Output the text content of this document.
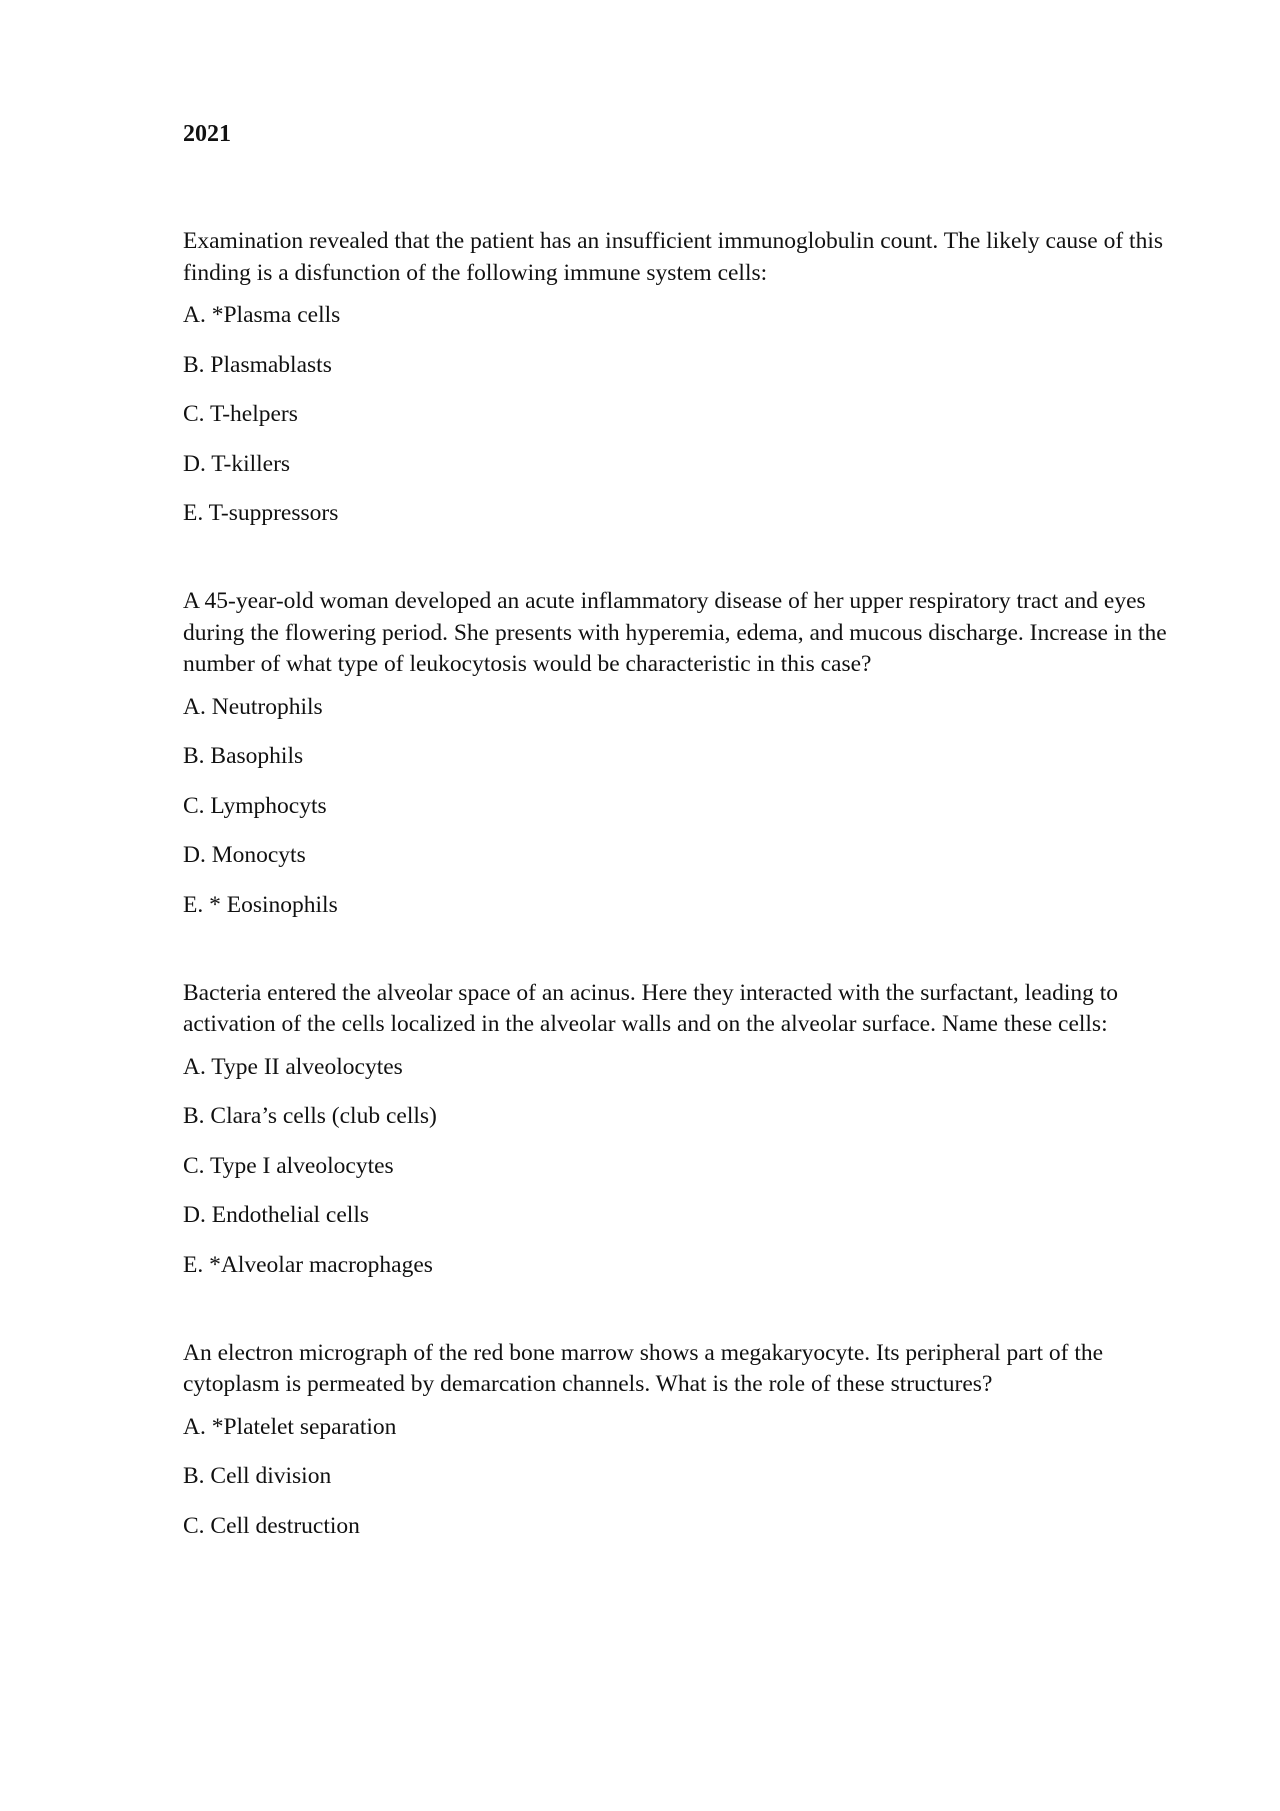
2021
Examination revealed that the patient has an insufficient immunoglobulin count. The likely cause of this finding is a disfunction of the following immune system cells:
A. *Plasma cells
B. Plasmablasts
C. T-helpers
D. T-killers
E. T-suppressors
A 45-year-old woman developed an acute inflammatory disease of her upper respiratory tract and eyes during the flowering period. She presents with hyperemia, edema, and mucous discharge. Increase in the number of what type of leukocytosis would be characteristic in this case?
A. Neutrophils
B. Basophils
C. Lymphocyts
D. Monocyts
E. * Eosinophils
Bacteria entered the alveolar space of an acinus. Here they interacted with the surfactant, leading to activation of the cells localized in the alveolar walls and on the alveolar surface. Name these cells:
A. Type II alveolocytes
B. Clara’s cells (club cells)
C. Type I alveolocytes
D. Endothelial cells
E. *Alveolar macrophages
An electron micrograph of the red bone marrow shows a megakaryocyte. Its peripheral part of the cytoplasm is permeated by demarcation channels. What is the role of these structures?
A. *Platelet separation
B. Cell division
C. Cell destruction
